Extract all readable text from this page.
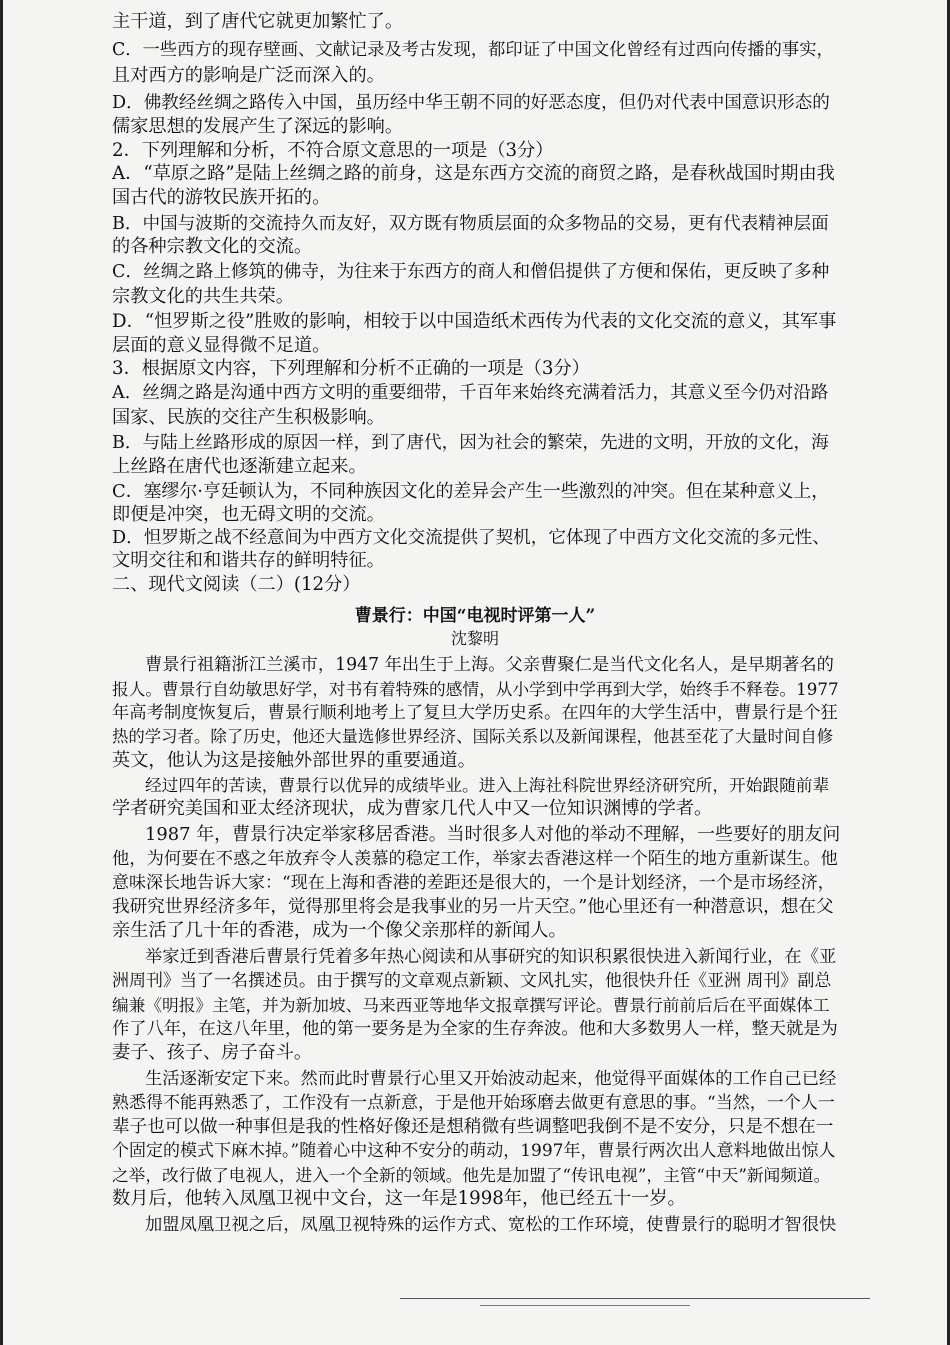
主干道，到了唐代它就更加繁忙了。
C．一些西方的现存壁画、文献记录及考古发现，都印证了中国文化曾经有过西向传播的事实，
且对西方的影响是广泛而深入的。
D．佛教经丝绸之路传入中国，虽历经中华王朝不同的好恶态度，但仍对代表中国意识形态的
儒家思想的发展产生了深远的影响。
2．下列理解和分析，不符合原文意思的一项是（3分）
A．“草原之路”是陆上丝绸之路的前身，这是东西方交流的商贸之路，是春秋战国时期由我
国古代的游牧民族开拓的。
B．中国与波斯的交流持久而友好，双方既有物质层面的众多物品的交易，更有代表精神层面
的各种宗教文化的交流。
C．丝绸之路上修筑的佛寺，为往来于东西方的商人和僧侣提供了方便和保佑，更反映了多种
宗教文化的共生共荣。
D．“怛罗斯之役”胜败的影响，相较于以中国造纸术西传为代表的文化交流的意义，其军事
层面的意义显得微不足道。
3．根据原文内容，下列理解和分析不正确的一项是（3分）
A．丝绸之路是沟通中西方文明的重要细带，千百年来始终充满着活力，其意义至今仍对沿路
国家、民族的交往产生积极影响。
B．与陆上丝路形成的原因一样，到了唐代，因为社会的繁荣，先进的文明，开放的文化，海
上丝路在唐代也逐渐建立起来。
C．塞缪尔·亨廷顿认为，不同种族因文化的差异会产生一些激烈的冲突。但在某种意义上，
即便是冲突，也无碍文明的交流。
D．怛罗斯之战不经意间为中西方文化交流提供了契机，它体现了中西方文化交流的多元性、
文明交往和和谐共存的鲜明特征。
二、现代文阅读（二）(12分）
曹景行：中国“电视时评第一人”
沈黎明
曹景行祖籍浙江兰溪市，1947 年出生于上海。父亲曹聚仁是当代文化名人，是早期著名的
报人。曹景行自幼敏思好学，对书有着特殊的感情，从小学到中学再到大学，始终手不释卷。1977
年高考制度恢复后，曹景行顺利地考上了复旦大学历史系。在四年的大学生活中，曹景行是个狂
热的学习者。除了历史，他还大量选修世界经济、国际关系以及新闻课程，他甚至花了大量时间自修
英文，他认为这是接触外部世界的重要通道。
经过四年的苦读，曹景行以优异的成绩毕业。进入上海社科院世界经济研究所，开始跟随前辈
学者研究美国和亚太经济现状，成为曹家几代人中又一位知识渊博的学者。
1987 年，曹景行决定举家移居香港。当时很多人对他的举动不理解，一些要好的朋友问
他，为何要在不惑之年放弃令人羡慕的稳定工作，举家去香港这样一个陌生的地方重新谋生。他
意味深长地告诉大家：“现在上海和香港的差距还是很大的，一个是计划经济，一个是市场经济，
我研究世界经济多年，觉得那里将会是我事业的另一片天空。”他心里还有一种潜意识，想在父
亲生活了几十年的香港，成为一个像父亲那样的新闻人。
举家迁到香港后曹景行凭着多年热心阅读和从事研究的知识积累很快进入新闻行业，在《亚
洲周刊》当了一名撰述员。由于撰写的文章观点新颖、文风扎实，他很快升任《亚洲 周刊》副总
编兼《明报》主笔，并为新加坡、马来西亚等地华文报章撰写评论。曹景行前前后后在平面媒体工
作了八年，在这八年里，他的第一要务是为全家的生存奔波。他和大多数男人一样，整天就是为
妻子、孩子、房子奋斗。
生活逐渐安定下来。然而此时曹景行心里又开始波动起来，他觉得平面媒体的工作自己已经
熟悉得不能再熟悉了，工作没有一点新意，于是他开始琢磨去做更有意思的事。“当然，一个人一
辈子也可以做一种事但是我的性格好像还是想稍微有些调整吧我倒不是不安分，只是不想在一
个固定的模式下麻木掉。”随着心中这种不安分的萌动，1997年，曹景行两次出人意料地做出惊人
之举，改行做了电视人，进入一个全新的领域。他先是加盟了“传讯电视”，主管“中天”新闻频道。
数月后，他转入凤凰卫视中文台，这一年是1998年，他已经五十一岁。
加盟凤凰卫视之后，凤凰卫视特殊的运作方式、宽松的工作环境，使曹景行的聪明才智很快
